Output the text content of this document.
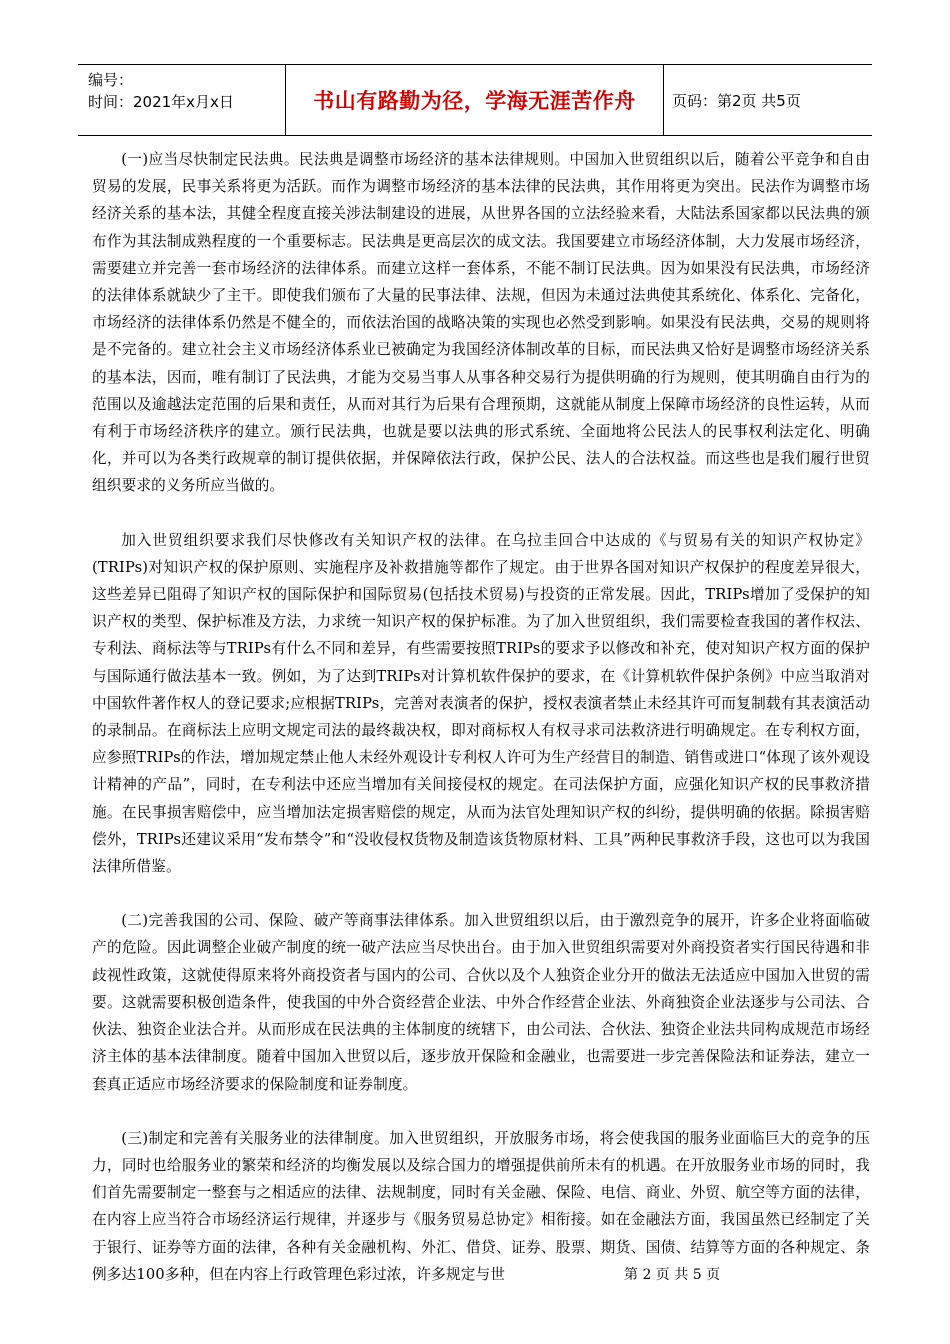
编号：
时间：2021年x月x日	书山有路勤为径，学海无涯苦作舟	页码：第2页 共5页

(一)应当尽快制定民法典。民法典是调整市场经济的基本法律规则。中国加入世贸组织以后，随着公平竞争和自由贸易的发展，民事关系将更为活跃。而作为调整市场经济的基本法律的民法典，其作用将更为突出。民法作为调整市场经济关系的基本法，其健全程度直接关涉法制建设的进展，从世界各国的立法经验来看，大陆法系国家都以民法典的颁布作为其法制成熟程度的一个重要标志。民法典是更高层次的成文法。我国要建立市场经济体制，大力发展市场经济，需要建立并完善一套市场经济的法律体系。而建立这样一套体系，不能不制订民法典。因为如果没有民法典，市场经济的法律体系就缺少了主干。即使我们颁布了大量的民事法律、法规，但因为未通过法典使其系统化、体系化、完备化，市场经济的法律体系仍然是不健全的，而依法治国的战略决策的实现也必然受到影响。如果没有民法典，交易的规则将是不完备的。建立社会主义市场经济体系业已被确定为我国经济体制改革的目标，而民法典又恰好是调整市场经济关系的基本法，因而，唯有制订了民法典，才能为交易当事人从事各种交易行为提供明确的行为规则，使其明确自由行为的范围以及逾越法定范围的后果和责任，从而对其行为后果有合理预期，这就能从制度上保障市场经济的良性运转，从而有利于市场经济秩序的建立。颁行民法典，也就是要以法典的形式系统、全面地将公民法人的民事权利法定化、明确化，并可以为各类行政规章的制订提供依据，并保障依法行政，保护公民、法人的合法权益。而这些也是我们履行世贸组织要求的义务所应当做的。

加入世贸组织要求我们尽快修改有关知识产权的法律。在乌拉圭回合中达成的《与贸易有关的知识产权协定》(TRIPs)对知识产权的保护原则、实施程序及补救措施等都作了规定。由于世界各国对知识产权保护的程度差异很大，这些差异已阻碍了知识产权的国际保护和国际贸易(包括技术贸易)与投资的正常发展。因此，TRIPs增加了受保护的知识产权的类型、保护标准及方法，力求统一知识产权的保护标准。为了加入世贸组织，我们需要检查我国的著作权法、专利法、商标法等与TRIPs有什么不同和差异，有些需要按照TRIPs的要求予以修改和补充，使对知识产权方面的保护与国际通行做法基本一致。例如，为了达到TRIPs对计算机软件保护的要求，在《计算机软件保护条例》中应当取消对中国软件著作权人的登记要求;应根据TRIPs，完善对表演者的保护，授权表演者禁止未经其许可而复制载有其表演活动的录制品。在商标法上应明文规定司法的最终裁决权，即对商标权人有权寻求司法救济进行明确规定。在专利权方面，应参照TRIPs的作法，增加规定禁止他人未经外观设计专利权人许可为生产经营目的制造、销售或进口“体现了该外观设计精神的产品”，同时，在专利法中还应当增加有关间接侵权的规定。在司法保护方面，应强化知识产权的民事救济措施。在民事损害赔偿中，应当增加法定损害赔偿的规定，从而为法官处理知识产权的纠纷，提供明确的依据。除损害赔偿外，TRIPs还建议采用“发布禁令”和“没收侵权货物及制造该货物原材料、工具”两种民事救济手段，这也可以为我国法律所借鉴。

(二)完善我国的公司、保险、破产等商事法律体系。加入世贸组织以后，由于激烈竞争的展开，许多企业将面临破产的危险。因此调整企业破产制度的统一破产法应当尽快出台。由于加入世贸组织需要对外商投资者实行国民待遇和非歧视性政策，这就使得原来将外商投资者与国内的公司、合伙以及个人独资企业分开的做法无法适应中国加入世贸的需要。这就需要积极创造条件，使我国的中外合资经营企业法、中外合作经营企业法、外商独资企业法逐步与公司法、合伙法、独资企业法合并。从而形成在民法典的主体制度的统辖下，由公司法、合伙法、独资企业法共同构成规范市场经济主体的基本法律制度。随着中国加入世贸以后，逐步放开保险和金融业，也需要进一步完善保险法和证券法，建立一套真正适应市场经济要求的保险制度和证券制度。

(三)制定和完善有关服务业的法律制度。加入世贸组织，开放服务市场，将会使我国的服务业面临巨大的竞争的压力，同时也给服务业的繁荣和经济的均衡发展以及综合国力的增强提供前所未有的机遇。在开放服务业市场的同时，我们首先需要制定一整套与之相适应的法律、法规制度，同时有关金融、保险、电信、商业、外贸、航空等方面的法律，在内容上应当符合市场经济运行规律，并逐步与《服务贸易总协定》相衔接。如在金融法方面，我国虽然已经制定了关于银行、证券等方面的法律，各种有关金融机构、外汇、借贷、证券、股票、期货、国债、结算等方面的各种规定、条例多达100多种，但在内容上行政管理色彩过浓，许多规定与世	第 2 页 共 5 页
